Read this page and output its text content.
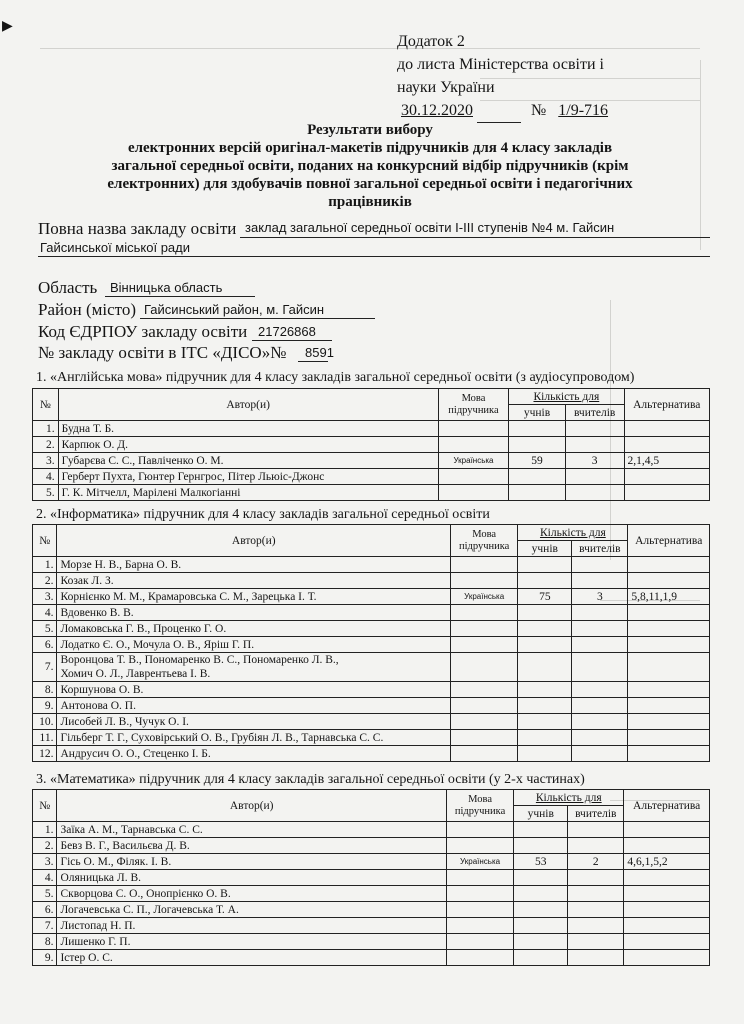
▶
Додаток 2
до листа Міністерства освіти і
науки України
30.12.2020	№ 1/9-716
Результати вибору
електронних версій оригінал-макетів підручників для 4 класу закладів
загальної середньої освіти, поданих на конкурсний відбір підручників (крім
електронних) для здобувачів повної загальної середньої освіти і педагогічних
працівників
Повна назва закладу освіти заклад загальної середньої освіти І-ІІІ ступенів №4 м. Гайсин
Гайсинської міської ради
Область Вінницька область
Район (місто) Гайсинський район, м. Гайсин
Код ЄДРПОУ закладу освіти 21726868
№ закладу освіти в ІТС «ДІСО»№ 8591
1. «Англійська мова» підручник для 4 класу закладів загальної середньої освіти (з аудіосупроводом)
№	Автор(и)	Мова
підручника	Кількість для		Альтернатива
			учнів	вчителів	
1.	Будна Т. Б.				
2.	Карпюк О. Д.				
3.	Губарєва С. С., Павліченко О. М.	Українська	59	3	2,1,4,5
4.	Герберт Пухта, Гюнтер Гернгрос, Пітер Льюіс-Джонс				
5.	Г. К. Мітчелл, Марілені Малкогіанні				
2. «Інформатика» підручник для 4 класу закладів загальної середньої освіти
№	Автор(и)	Мова
підручника	Кількість для		Альтернатива
			учнів	вчителів	
1.	Морзе Н. В., Барна О. В.				
2.	Козак Л. З.				
3.	Корнієнко М. М., Крамаровська С. М., Зарецька І. Т.	Українська	75	3	5,8,11,1,9
4.	Вдовенко В. В.				
5.	Ломаковська Г. В., Проценко Г. О.				
6.	Лодатко Є. О., Мочула О. В., Яріш Г. П.				
7.	Воронцова Т. В., Пономаренко В. С., Пономаренко Л. В.,
Хомич О. Л., Лаврентьева І. В.				

8.	Коршунова О. В.				
9.	Антонова О. П.				
10.	Лисобей Л. В., Чучук О. І.				
11.	Гільберг Т. Г., Суховірський О. В., Грубіян Л. В., Тарнавська С. С.				
12.	Андрусич О. О., Стеценко І. Б.				
3. «Математика» підручник для 4 класу закладів загальної середньої освіти (у 2-х частинах)
№	Автор(и)	Мова
підручника	Кількість для		Альтернатива
			учнів	вчителів	
1.	Заїка А. М., Тарнавська С. С.				
2.	Бевз В. Г., Васильєва Д. В.				
3.	Гісь О. М., Філяк. І. В.	Українська	53	2	4,6,1,5,2
4.	Оляницька Л. В.				
5.	Скворцова С. О., Онопрієнко О. В.				
6.	Логачевська С. П., Логачевська Т. А.				
7.	Листопад Н. П.				
8.	Лишенко Г. П.				
9.	Істер О. С.				
